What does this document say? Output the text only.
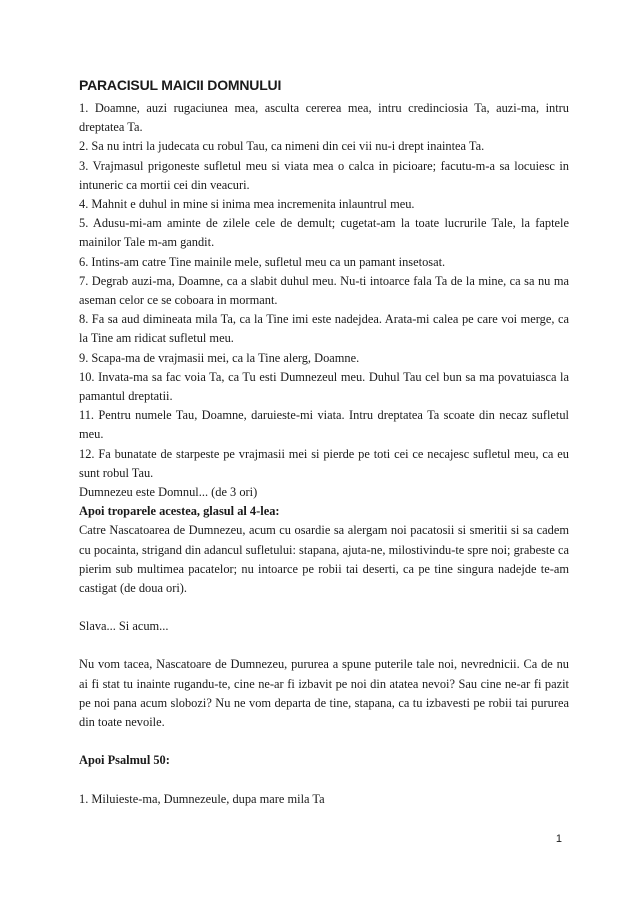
PARACISUL MAICII DOMNULUI

1. Doamne, auzi rugaciunea mea, asculta cererea mea, intru credinciosia Ta, auzi-ma, intru dreptatea Ta.

2. Sa nu intri la judecata cu robul Tau, ca nimeni din cei vii nu-i drept inaintea Ta.

3. Vrajmasul prigoneste sufletul meu si viata mea o calca in picioare; facutu-m-a sa locuiesc in intuneric ca mortii cei din veacuri.

4. Mahnit e duhul in mine si inima mea incremenita inlauntrul meu.

5. Adusu-mi-am aminte de zilele cele de demult; cugetat-am la toate lucrurile Tale, la faptele mainilor Tale m-am gandit.

6. Intins-am catre Tine mainile mele, sufletul meu ca un pamant insetosat.

7. Degrab auzi-ma, Doamne, ca a slabit duhul meu. Nu-ti intoarce fala Ta de la mine, ca sa nu ma aseman celor ce se coboara in mormant.

8. Fa sa aud dimineata mila Ta, ca la Tine imi este nadejdea. Arata-mi calea pe care voi merge, ca la Tine am ridicat sufletul meu.

9. Scapa-ma de vrajmasii mei, ca la Tine alerg, Doamne.

10. Invata-ma sa fac voia Ta, ca Tu esti Dumnezeul meu. Duhul Tau cel bun sa ma povatuiasca la pamantul dreptatii.

11. Pentru numele Tau, Doamne, daruieste-mi viata. Intru dreptatea Ta scoate din necaz sufletul meu.

12. Fa bunatate de starpeste pe vrajmasii mei si pierde pe toti cei ce necajesc sufletul meu, ca eu sunt robul Tau.

Dumnezeu este Domnul... (de 3 ori)

Apoi troparele acestea, glasul al 4-lea:

Catre Nascatoarea de Dumnezeu, acum cu osardie sa alergam noi pacatosii si smeritii si sa cadem cu pocainta, strigand din adancul sufletului: stapana, ajuta-ne, milostivindu-te spre noi; grabeste ca pierim sub multimea pacatelor; nu intoarce pe robii tai deserti, ca pe tine singura nadejde te-am castigat (de doua ori).

Slava... Si acum...

Nu vom tacea, Nascatoare de Dumnezeu, pururea a spune puterile tale noi, nevrednicii. Ca de nu ai fi stat tu inainte rugandu-te, cine ne-ar fi izbavit pe noi din atatea nevoi? Sau cine ne-ar fi pazit pe noi pana acum slobozi? Nu ne vom departa de tine, stapana, ca tu izbavesti pe robii tai pururea din toate nevoile.

Apoi Psalmul 50:

1. Miluieste-ma, Dumnezeule, dupa mare mila Ta

1
